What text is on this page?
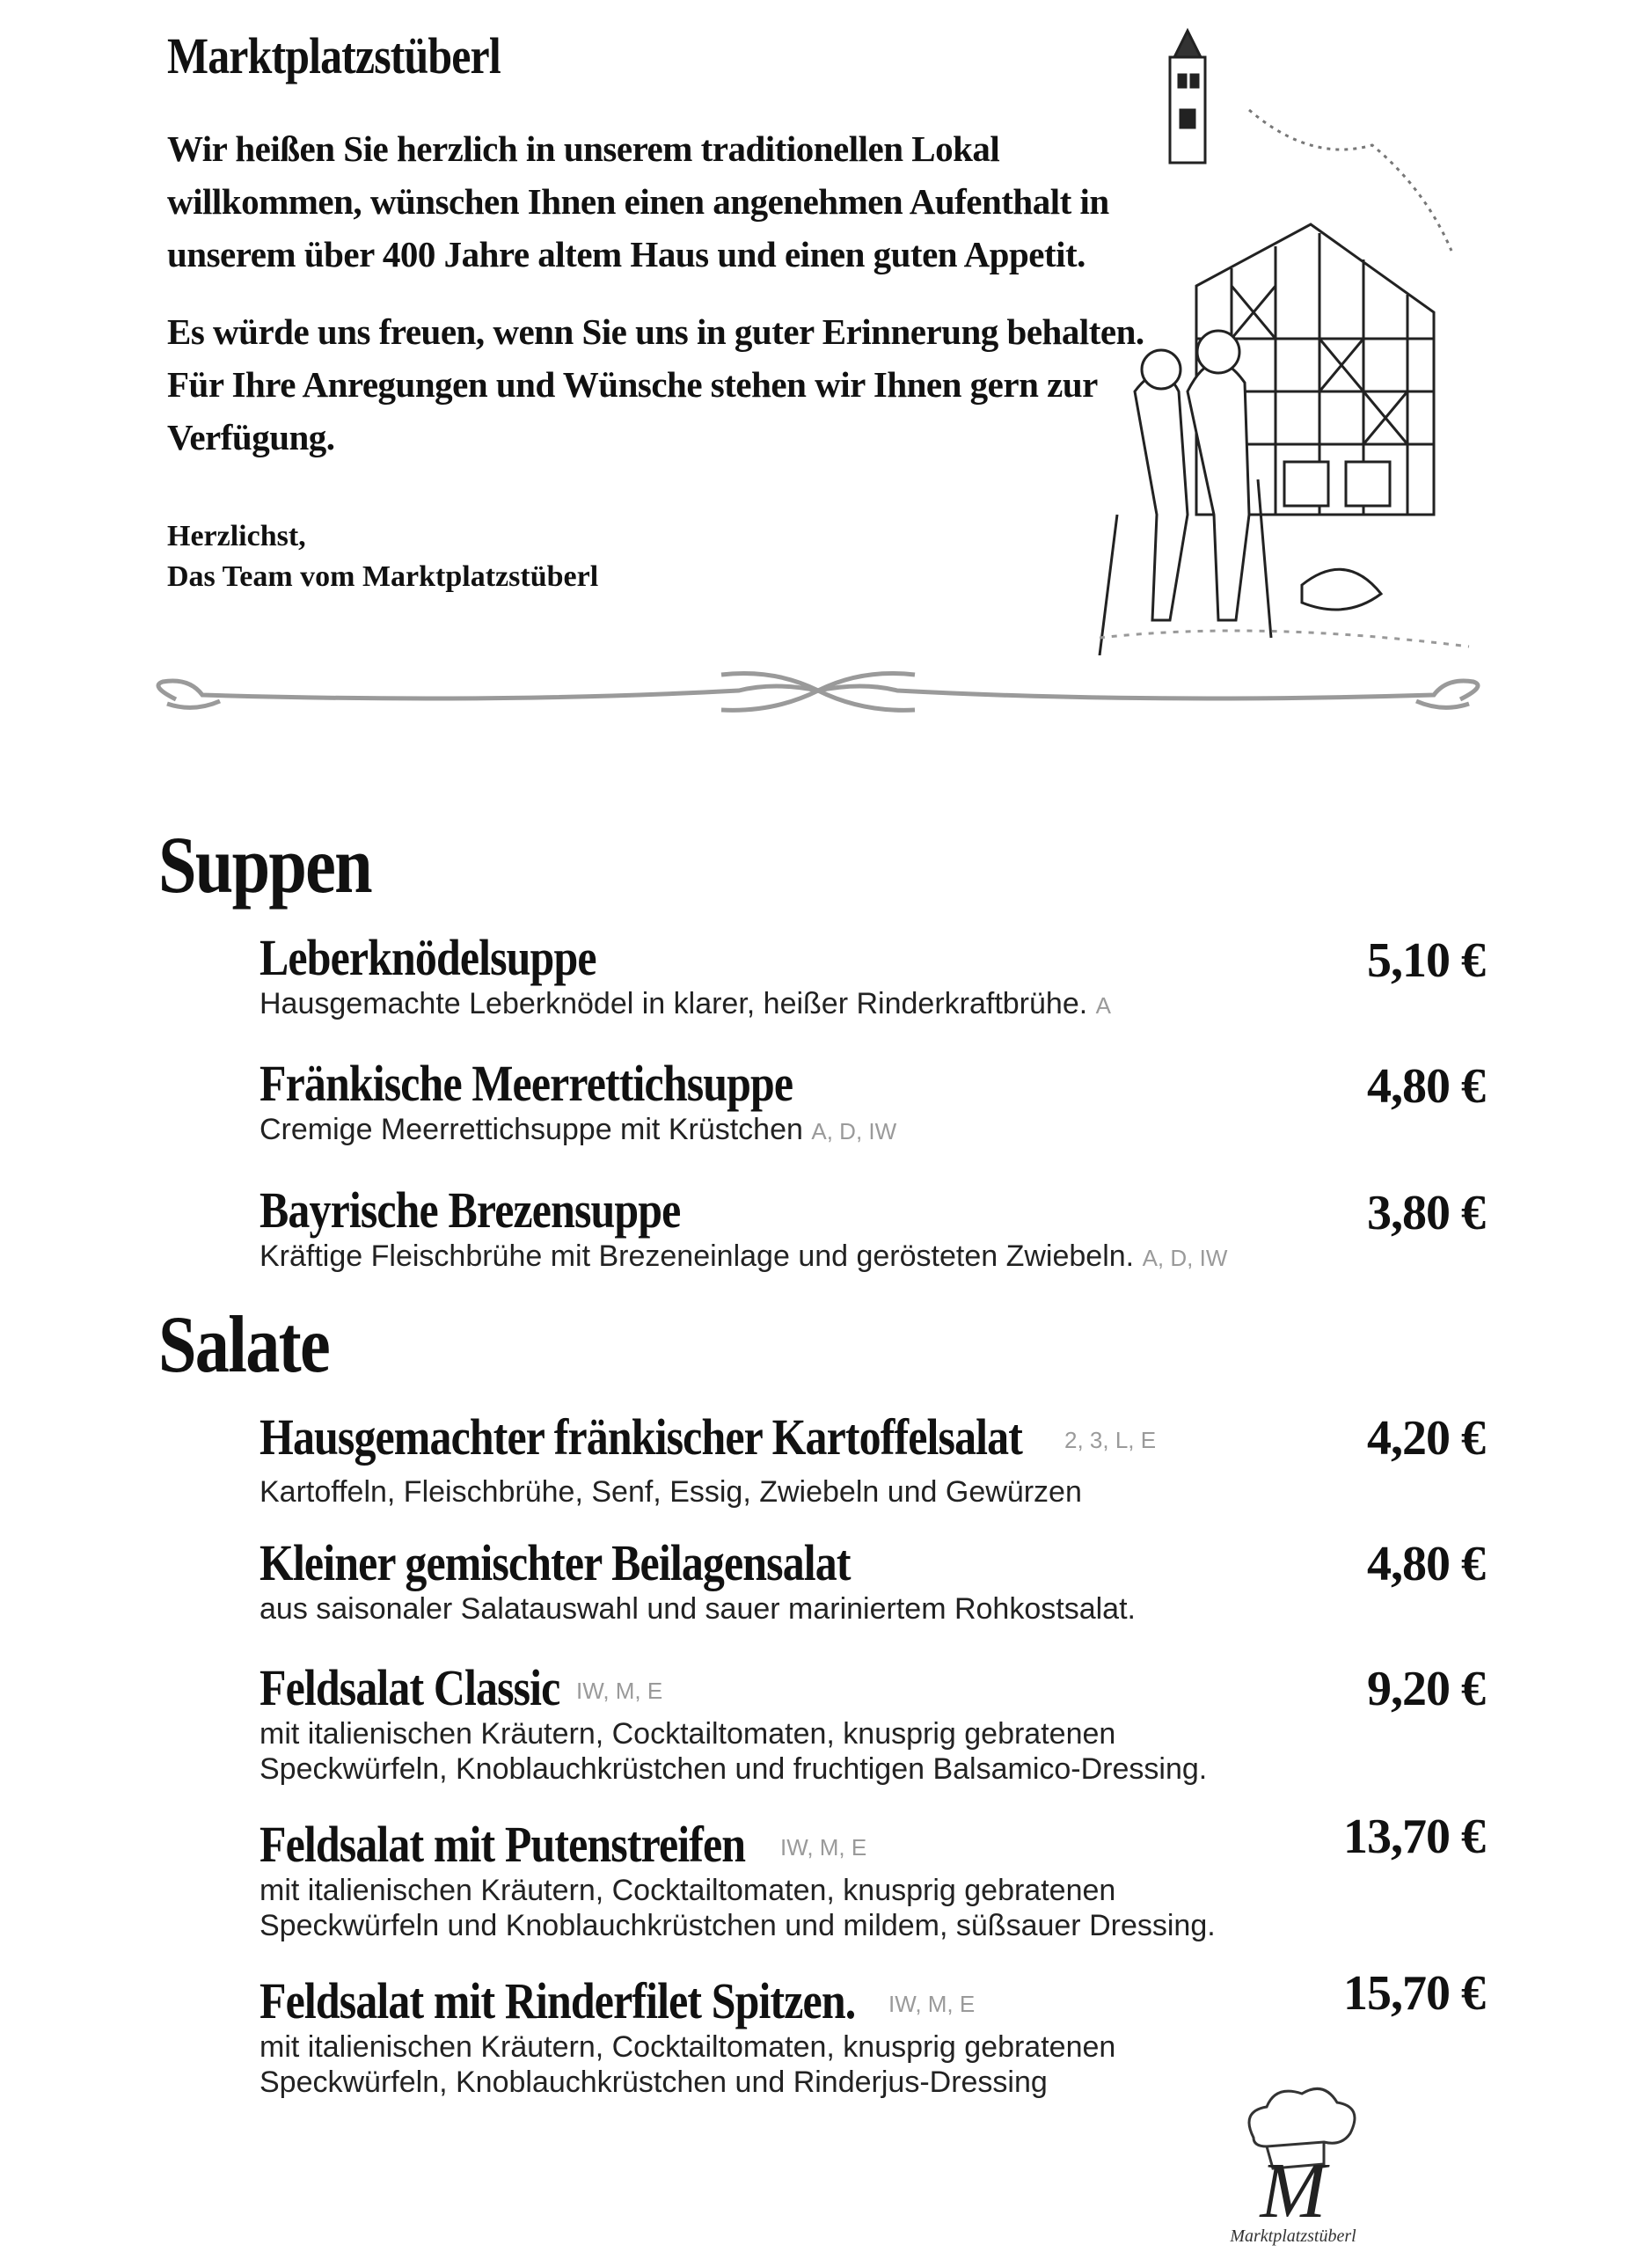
Marktplatzstüberl

Wir heißen Sie herzlich in unserem traditionellen Lokal willkommen, wünschen Ihnen einen angenehmen Aufenthalt in unserem über 400 Jahre altem Haus und einen guten Appetit.

Es würde uns freuen, wenn Sie uns in guter Erinnerung behalten. Für Ihre Anregungen und Wünsche stehen wir Ihnen gern zur Verfügung.

Herzlichst,
Das Team vom Marktplatzstüberl
Suppen
Leberknödelsuppe
Hausgemachte Leberknödel in klarer, heißer Rinderkraftbrühe. A
5,10 €
Fränkische Meerrettichsuppe
Cremige Meerrettichsuppe mit Krüstchen A, D, IW
4,80 €
Bayrische Brezensuppe
Kräftige Fleischbrühe mit Brezeneinlage und gerösteten Zwiebeln. A, D, IW
3,80 €
Salate
Hausgemachter fränkischer Kartoffelsalat 2, 3, L, E
Kartoffeln, Fleischbrühe, Senf, Essig, Zwiebeln und Gewürzen
4,20 €
Kleiner gemischter Beilagensalat
aus saisonaler Salatauswahl und sauer mariniertem Rohkostsalat.
4,80 €
Feldsalat Classic IW, M, E
mit italienischen Kräutern, Cocktailtomaten, knusprig gebratenen
Speckwürfeln, Knoblauchkrüstchen und fruchtigen Balsamico-Dressing.
9,20 €
Feldsalat mit Putenstreifen IW, M, E
mit italienischen Kräutern, Cocktailtomaten, knusprig gebratenen
Speckwürfeln und Knoblauchkrüstchen und mildem, süßsauer Dressing.
13,70 €
Feldsalat mit Rinderfilet Spitzen. IW, M, E
mit italienischen Kräutern, Cocktailtomaten, knusprig gebratenen
Speckwürfeln, Knoblauchkrüstchen und Rinderjus-Dressing
15,70 €
M
Marktplatzstüberl
